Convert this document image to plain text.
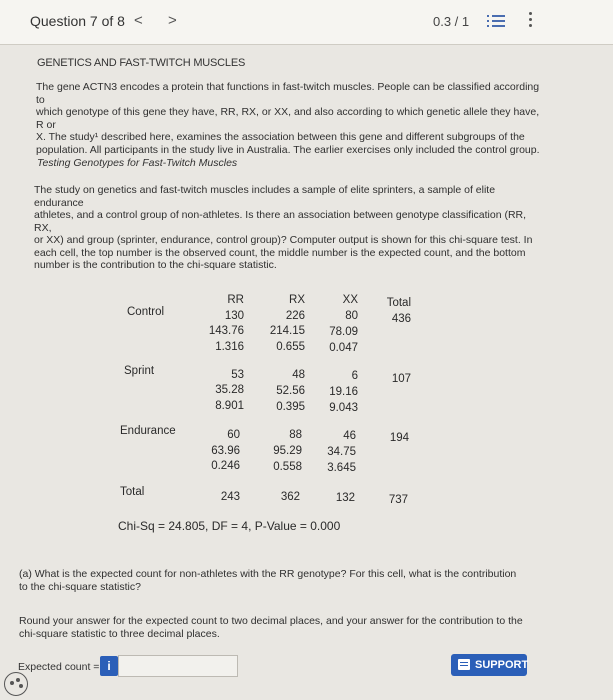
Question 7 of 8 < >	0.3 / 1
GENETICS AND FAST-TWITCH MUSCLES
The gene ACTN3 encodes a protein that functions in fast-twitch muscles. People can be classified according to
which genotype of this gene they have, RR, RX, or XX, and also according to which genetic allele they have, R or
X. The study¹ described here, examines the association between this gene and different subgroups of the
population. All participants in the study live in Australia. The earlier exercises only included the control group.
Testing Genotypes for Fast-Twitch Muscles
The study on genetics and fast-twitch muscles includes a sample of elite sprinters, a sample of elite endurance
athletes, and a control group of non-athletes. Is there an association between genotype classification (RR, RX,
or XX) and group (sprinter, endurance, control group)? Computer output is shown for this chi-square test. In
each cell, the top number is the observed count, the middle number is the expected count, and the bottom
number is the contribution to the chi-square statistic.
RR	RX	XX	Total
Control	130	226	80	436
143.76	214.15	78.09
1.316	0.655	0.047
Sprint	53	48	6	107
35.28	52.56	19.16
8.901	0.395	9.043
Endurance	60	88	46	194
63.96	95.29	34.75
0.246	0.558	3.645
Total	243	362	132	737
Chi-Sq = 24.805, DF = 4, P-Value = 0.000
(a) What is the expected count for non-athletes with the RR genotype? For this cell, what is the contribution
to the chi-square statistic?
Round your answer for the expected count to two decimal places, and your answer for the contribution to the
chi-square statistic to three decimal places.
Expected count = i	SUPPORT
